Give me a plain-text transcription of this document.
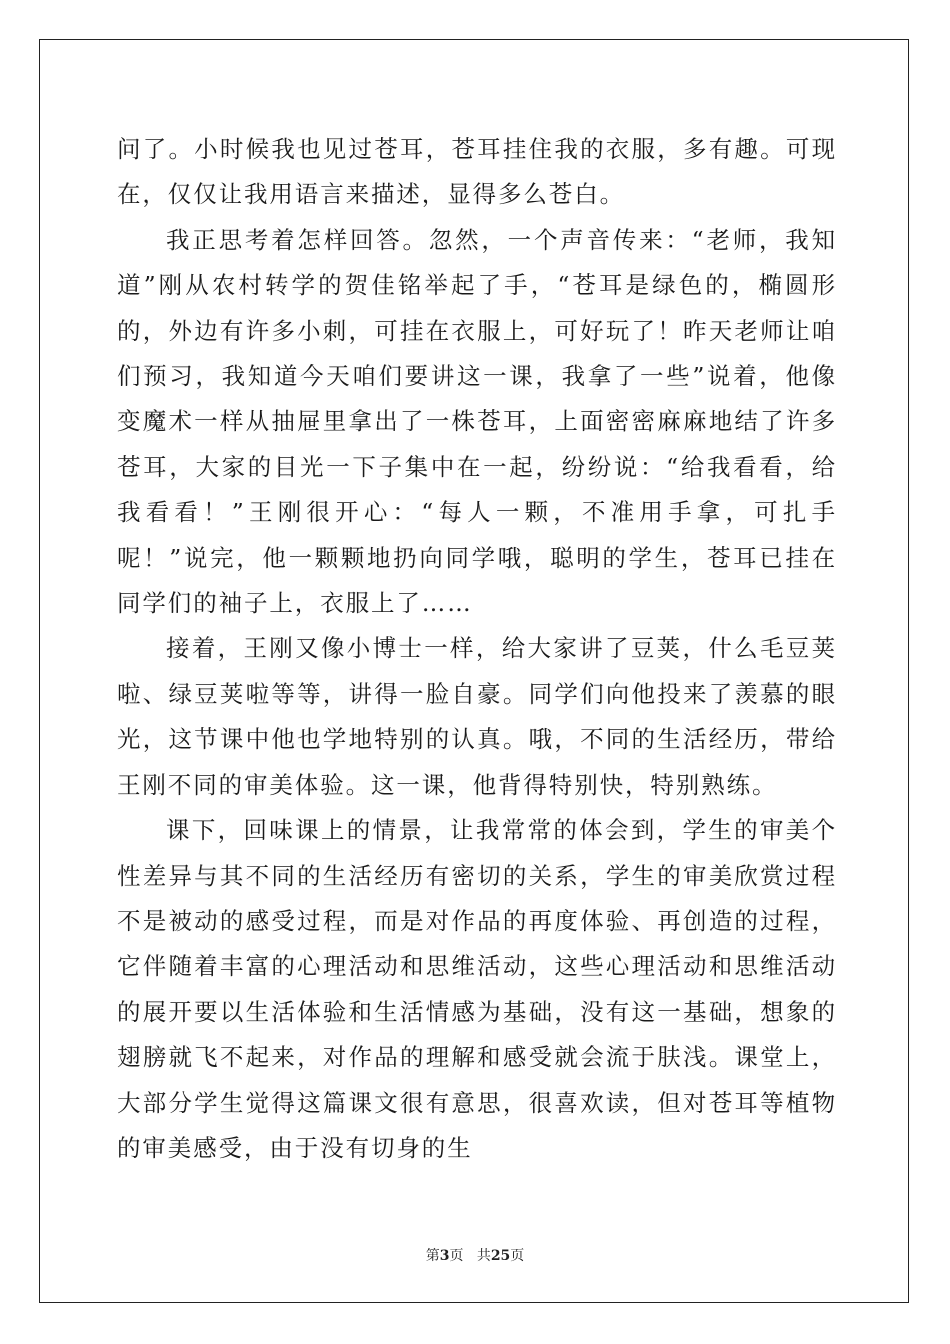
问了。小时候我也见过苍耳，苍耳挂住我的衣服，多有趣。可现在，仅仅让我用语言来描述，显得多么苍白。

我正思考着怎样回答。忽然，一个声音传来：“老师，我知道”刚从农村转学的贺佳铭举起了手，“苍耳是绿色的，椭圆形的，外边有许多小刺，可挂在衣服上，可好玩了！昨天老师让咱们预习，我知道今天咱们要讲这一课，我拿了一些”说着，他像变魔术一样从抽屉里拿出了一株苍耳，上面密密麻麻地结了许多苍耳，大家的目光一下子集中在一起，纷纷说：“给我看看，给我看看！”王刚很开心：“每人一颗，不准用手拿，可扎手呢！”说完，他一颗颗地扔向同学哦，聪明的学生，苍耳已挂在同学们的袖子上，衣服上了……

接着，王刚又像小博士一样，给大家讲了豆荚，什么毛豆荚啦、绿豆荚啦等等，讲得一脸自豪。同学们向他投来了羡慕的眼光，这节课中他也学地特别的认真。哦，不同的生活经历，带给王刚不同的审美体验。这一课，他背得特别快，特别熟练。

课下，回味课上的情景，让我常常的体会到，学生的审美个性差异与其不同的生活经历有密切的关系，学生的审美欣赏过程不是被动的感受过程，而是对作品的再度体验、再创造的过程，它伴随着丰富的心理活动和思维活动，这些心理活动和思维活动的展开要以生活体验和生活情感为基础，没有这一基础，想象的翅膀就飞不起来，对作品的理解和感受就会流于肤浅。课堂上，大部分学生觉得这篇课文很有意思，很喜欢读，但对苍耳等植物的审美感受，由于没有切身的生

第3页 共25页
